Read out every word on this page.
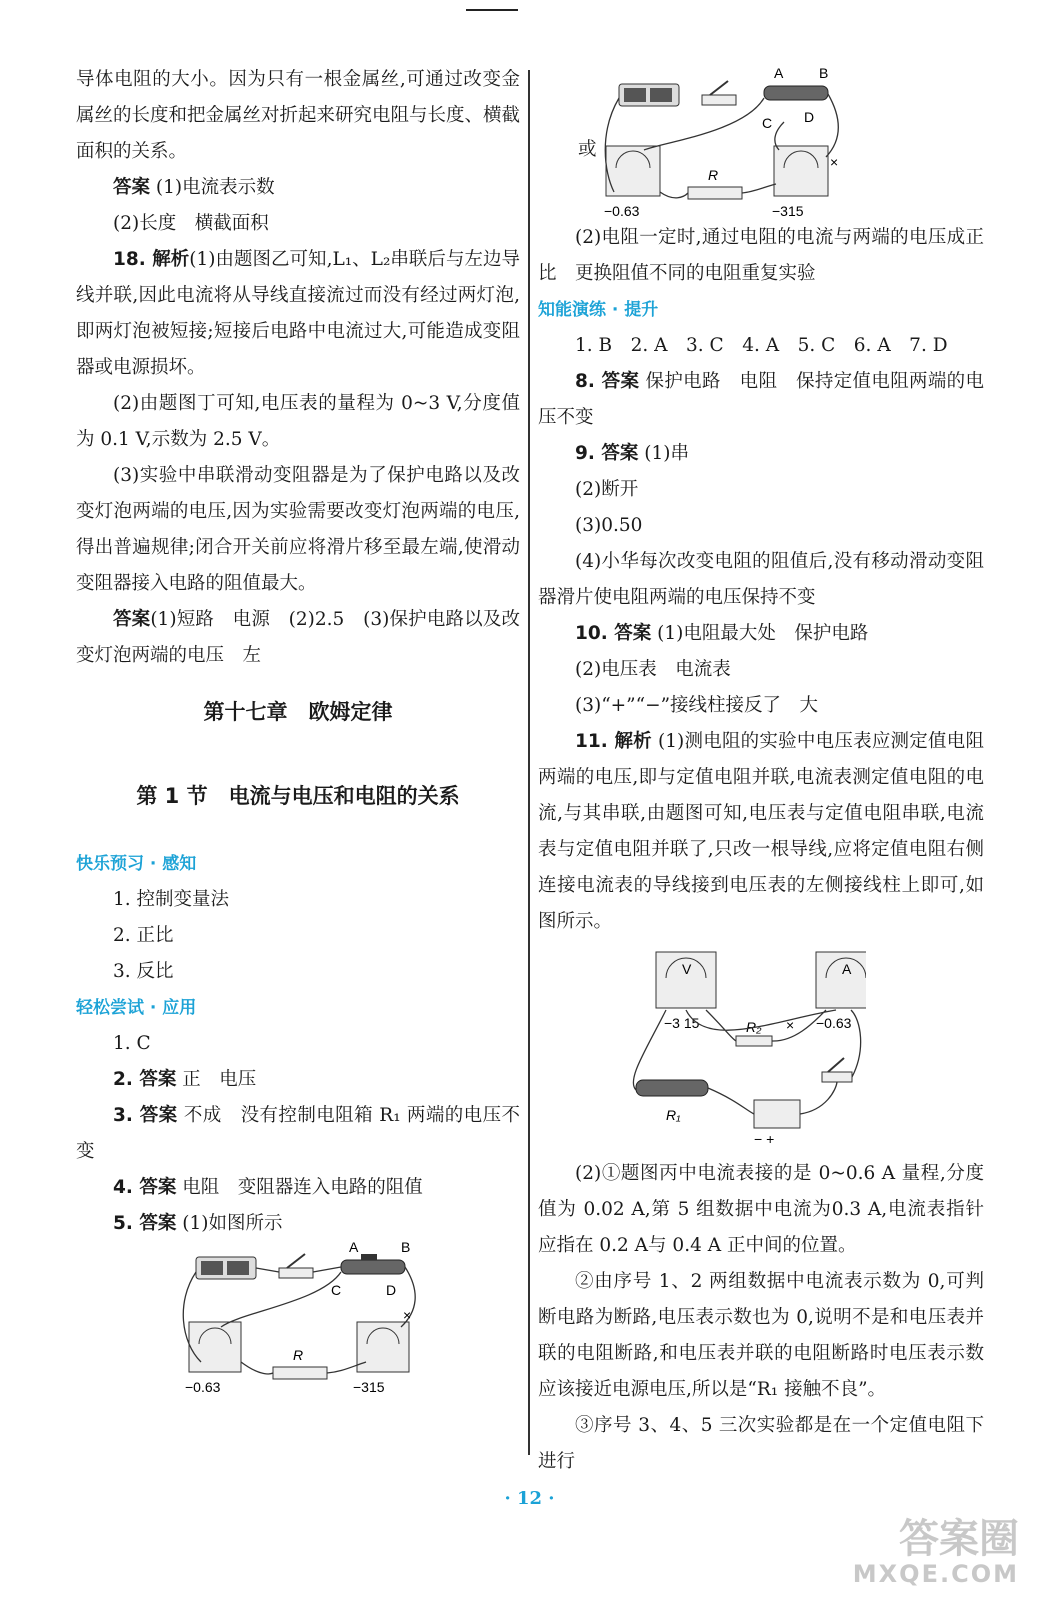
导体电阻的大小。因为只有一根金属丝,可通过改变金属丝的长度和把金属丝对折起来研究电阻与长度、横截面积的关系。

答案 (1)电流表示数

(2)长度　横截面积

18. 解析(1)由题图乙可知,L₁、L₂串联后与左边导线并联,因此电流将从导线直接流过而没有经过两灯泡,即两灯泡被短接;短接后电路中电流过大,可能造成变阻器或电源损坏。

(2)由题图丁可知,电压表的量程为 0~3 V,分度值为 0.1 V,示数为 2.5 V。

(3)实验中串联滑动变阻器是为了保护电路以及改变灯泡两端的电压,因为实验需要改变灯泡两端的电压,得出普遍规律;闭合开关前应将滑片移至最左端,使滑动变阻器接入电路的阻值最大。

答案(1)短路　电源　(2)2.5　(3)保护电路以及改变灯泡两端的电压　左

第十七章　欧姆定律

第 1 节　电流与电压和电阻的关系

快乐预习 · 感知

1. 控制变量法

2. 正比

3. 反比

轻松尝试 · 应用

1. C

2. 答案 正　电压

3. 答案 不成　没有控制电阻箱 R₁ 两端的电压不变

4. 答案 电阻　变阻器连入电路的阻值

5. 答案 (1)如图所示

A	B
C	D
R
×
−0.63	−315
或
A	B
C D
R
×
−0.63	−315

(2)电阻一定时,通过电阻的电流与两端的电压成正比　更换阻值不同的电阻重复实验

知能演练 · 提升

1. B　2. A　3. C　4. A　5. C　6. A　7. D

8. 答案 保护电路　电阻　保持定值电阻两端的电压不变

9. 答案 (1)串

(2)断开

(3)0.50

(4)小华每次改变电阻的阻值后,没有移动滑动变阻器滑片使电阻两端的电压保持不变

10. 答案 (1)电阻最大处　保护电路

(2)电压表　电流表

(3)“+”“−”接线柱接反了　大

11. 解析 (1)测电阻的实验中电压表应测定值电阻两端的电压,即与定值电阻并联,电流表测定值电阻的电流,与其串联,由题图可知,电压表与定值电阻串联,电流表与定值电阻并联了,只改一根导线,应将定值电阻右侧连接电流表的导线接到电压表的左侧接线柱上即可,如图所示。

V	A
−3 15	−0.63
R₂ ×
R₁
− +

(2)①题图丙中电流表接的是 0~0.6 A 量程,分度值为 0.02 A,第 5 组数据中电流为0.3 A,电流表指针应指在 0.2 A与 0.4 A 正中间的位置。

②由序号 1、2 两组数据中电流表示数为 0,可判断电路为断路,电压表示数也为 0,说明不是和电压表并联的电阻断路,和电压表并联的电阻断路时电压表示数应该接近电源电压,所以是“R₁ 接触不良”。

③序号 3、4、5 三次实验都是在一个定值电阻下进行

· 12 ·
答案圈
MXQE.COM
